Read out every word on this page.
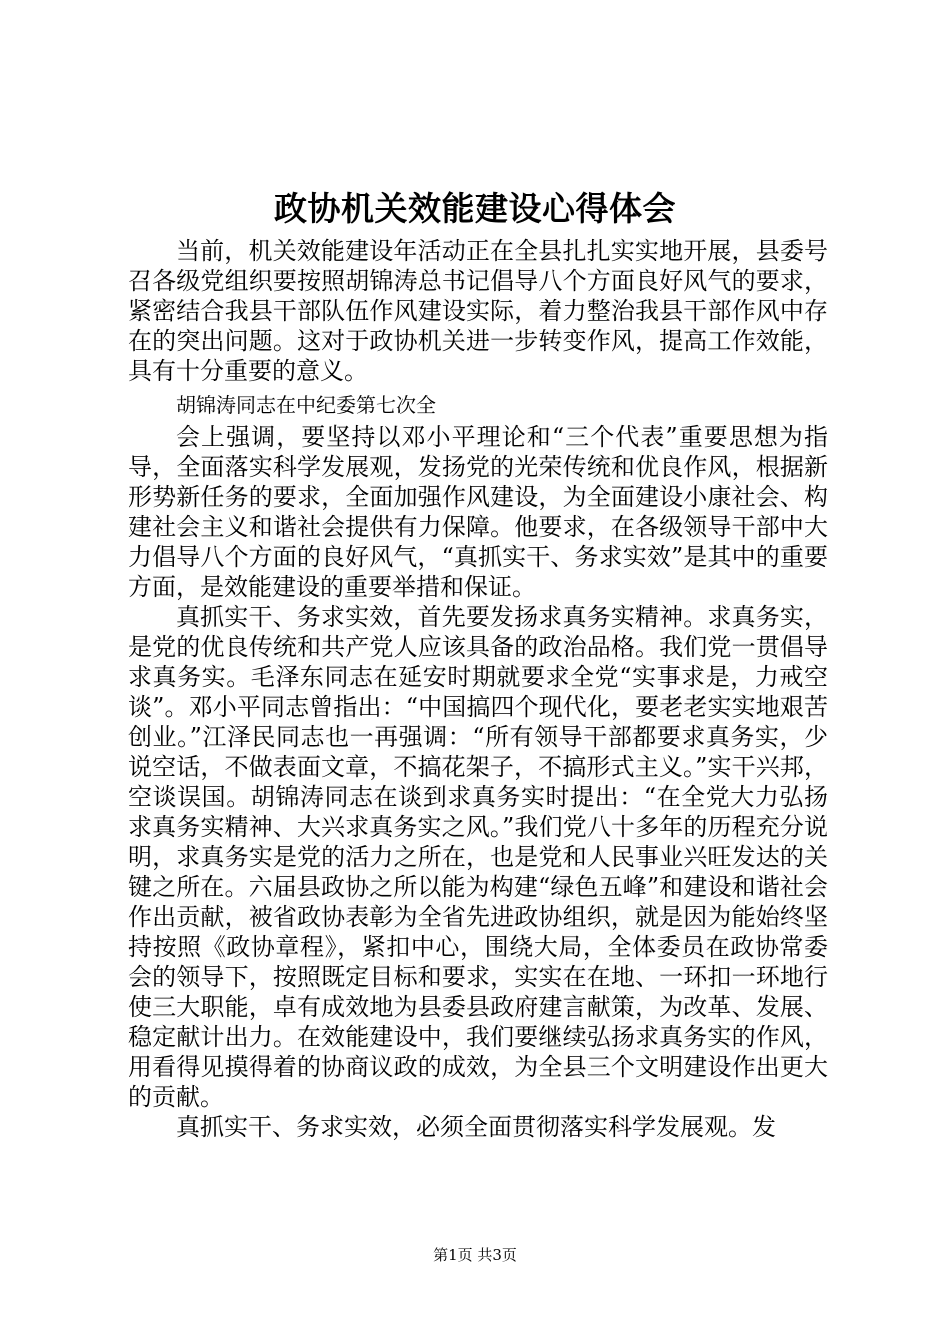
政协机关效能建设心得体会

当前，机关效能建设年活动正在全县扎扎实实地开展，县委号召各级党组织要按照胡锦涛总书记倡导八个方面良好风气的要求，紧密结合我县干部队伍作风建设实际，着力整治我县干部作风中存在的突出问题。这对于政协机关进一步转变作风，提高工作效能，具有十分重要的意义。

胡锦涛同志在中纪委第七次全

会上强调，要坚持以邓小平理论和“三个代表”重要思想为指导，全面落实科学发展观，发扬党的光荣传统和优良作风，根据新形势新任务的要求，全面加强作风建设，为全面建设小康社会、构建社会主义和谐社会提供有力保障。他要求，在各级领导干部中大力倡导八个方面的良好风气，“真抓实干、务求实效”是其中的重要方面，是效能建设的重要举措和保证。

真抓实干、务求实效，首先要发扬求真务实精神。求真务实，是党的优良传统和共产党人应该具备的政治品格。我们党一贯倡导求真务实。毛泽东同志在延安时期就要求全党“实事求是，力戒空谈”。邓小平同志曾指出：“中国搞四个现代化，要老老实实地艰苦创业。”江泽民同志也一再强调：“所有领导干部都要求真务实，少说空话，不做表面文章，不搞花架子，不搞形式主义。”实干兴邦，空谈误国。胡锦涛同志在谈到求真务实时提出：“在全党大力弘扬求真务实精神、大兴求真务实之风。”我们党八十多年的历程充分说明，求真务实是党的活力之所在，也是党和人民事业兴旺发达的关键之所在。六届县政协之所以能为构建“绿色五峰”和建设和谐社会作出贡献，被省政协表彰为全省先进政协组织，就是因为能始终坚持按照《政协章程》，紧扣中心，围绕大局，全体委员在政协常委会的领导下，按照既定目标和要求，实实在在地、一环扣一环地行使三大职能，卓有成效地为县委县政府建言献策，为改革、发展、稳定献计出力。在效能建设中，我们要继续弘扬求真务实的作风，用看得见摸得着的协商议政的成效，为全县三个文明建设作出更大的贡献。

真抓实干、务求实效，必须全面贯彻落实科学发展观。发

第1页 共3页
